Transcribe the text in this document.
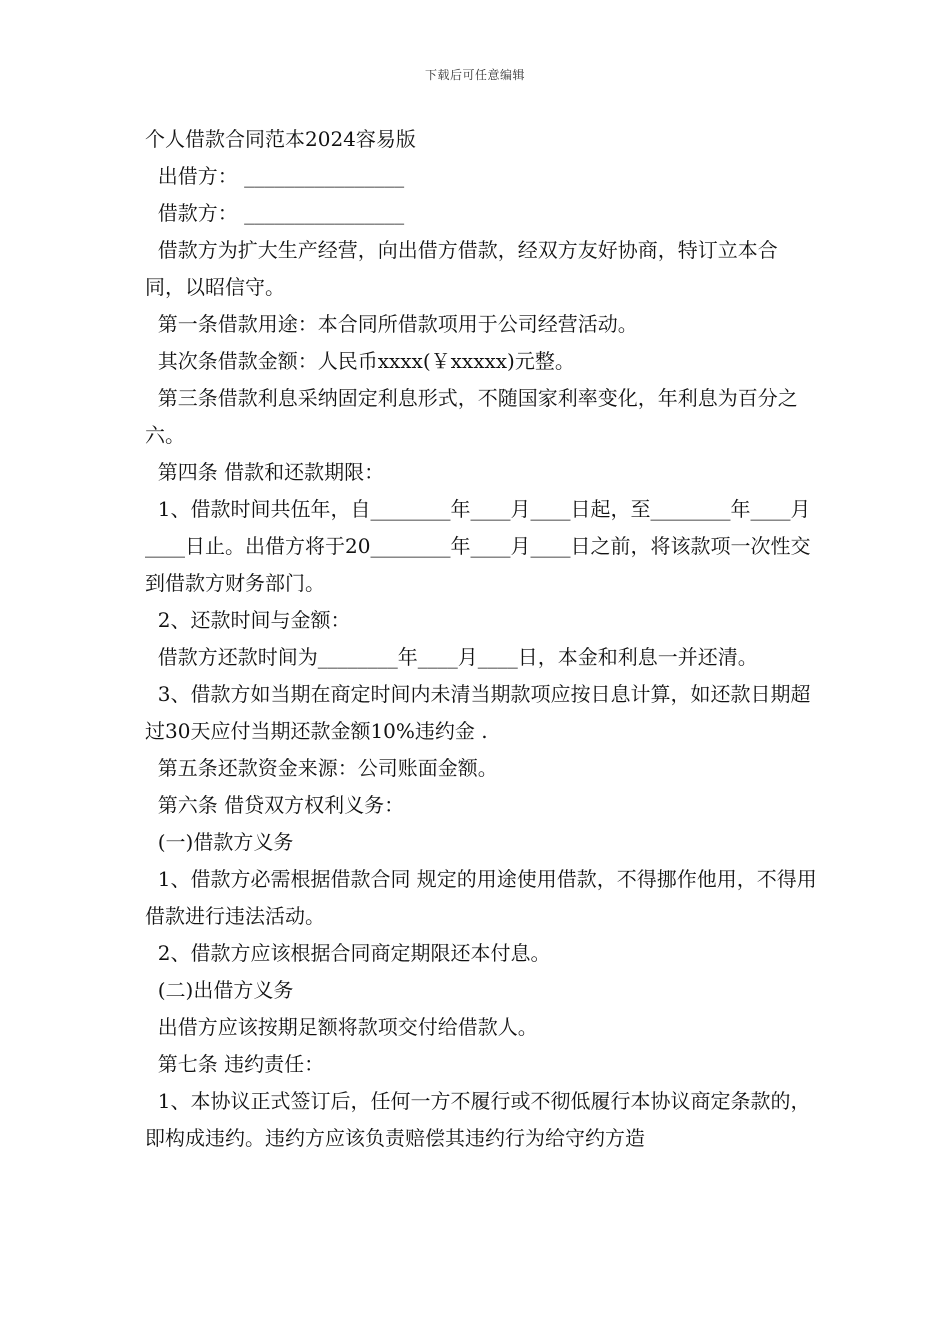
下载后可任意编辑

个人借款合同范本2024容易版

出借方： ________________

借款方： ________________

借款方为扩大生产经营，向出借方借款，经双方友好协商，特订立本合同，以昭信守。

第一条借款用途：本合同所借款项用于公司经营活动。

其次条借款金额：人民币xxxx(￥xxxxx)元整。

第三条借款利息采纳固定利息形式，不随国家利率变化，年利息为百分之六。

第四条 借款和还款期限：

1、借款时间共伍年，自________年____月____日起，至________年____月____日止。出借方将于20________年____月____日之前，将该款项一次性交到借款方财务部门。

2、还款时间与金额：

借款方还款时间为________年____月____日，本金和利息一并还清。

3、借款方如当期在商定时间内未清当期款项应按日息计算，如还款日期超过30天应付当期还款金额10%违约金 .

第五条还款资金来源：公司账面金额。

第六条 借贷双方权利义务：

(一)借款方义务

1、借款方必需根据借款合同 规定的用途使用借款，不得挪作他用，不得用借款进行违法活动。

2、借款方应该根据合同商定期限还本付息。

(二)出借方义务

出借方应该按期足额将款项交付给借款人。

第七条 违约责任：

1、本协议正式签订后，任何一方不履行或不彻低履行本协议商定条款的，即构成违约。违约方应该负责赔偿其违约行为给守约方造
